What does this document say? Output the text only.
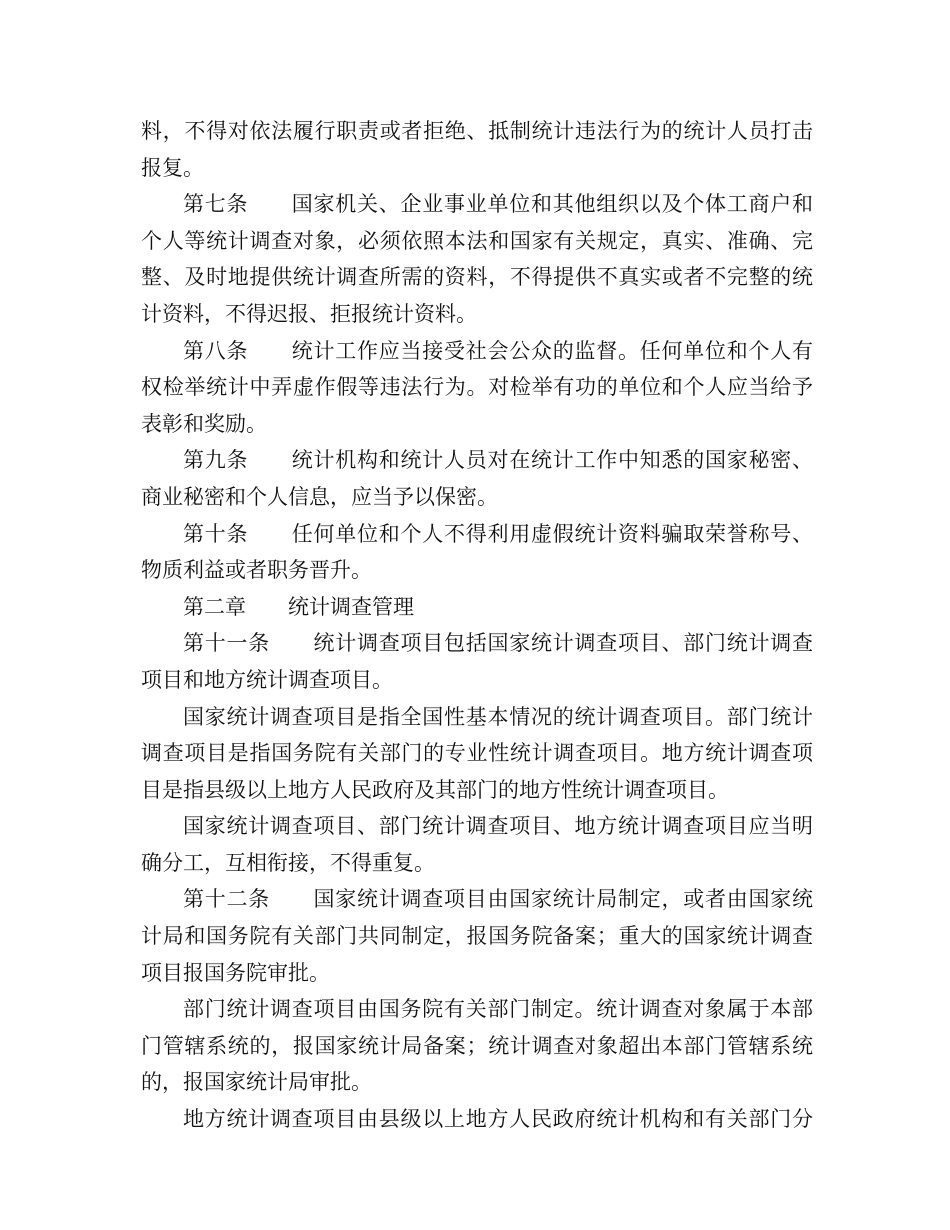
料，不得对依法履行职责或者拒绝、抵制统计违法行为的统计人员打击
报复。
第七条　　国家机关、企业事业单位和其他组织以及个体工商户和
个人等统计调查对象，必须依照本法和国家有关规定，真实、准确、完
整、及时地提供统计调查所需的资料，不得提供不真实或者不完整的统
计资料，不得迟报、拒报统计资料。
第八条　　统计工作应当接受社会公众的监督。任何单位和个人有
权检举统计中弄虚作假等违法行为。对检举有功的单位和个人应当给予
表彰和奖励。
第九条　　统计机构和统计人员对在统计工作中知悉的国家秘密、
商业秘密和个人信息，应当予以保密。
第十条　　任何单位和个人不得利用虚假统计资料骗取荣誉称号、
物质利益或者职务晋升。
第二章　　统计调查管理
第十一条　　统计调查项目包括国家统计调查项目、部门统计调查
项目和地方统计调查项目。
国家统计调查项目是指全国性基本情况的统计调查项目。部门统计
调查项目是指国务院有关部门的专业性统计调查项目。地方统计调查项
目是指县级以上地方人民政府及其部门的地方性统计调查项目。
国家统计调查项目、部门统计调查项目、地方统计调查项目应当明
确分工，互相衔接，不得重复。
第十二条　　国家统计调查项目由国家统计局制定，或者由国家统
计局和国务院有关部门共同制定，报国务院备案；重大的国家统计调查
项目报国务院审批。
部门统计调查项目由国务院有关部门制定。统计调查对象属于本部
门管辖系统的，报国家统计局备案；统计调查对象超出本部门管辖系统
的，报国家统计局审批。
地方统计调查项目由县级以上地方人民政府统计机构和有关部门分
